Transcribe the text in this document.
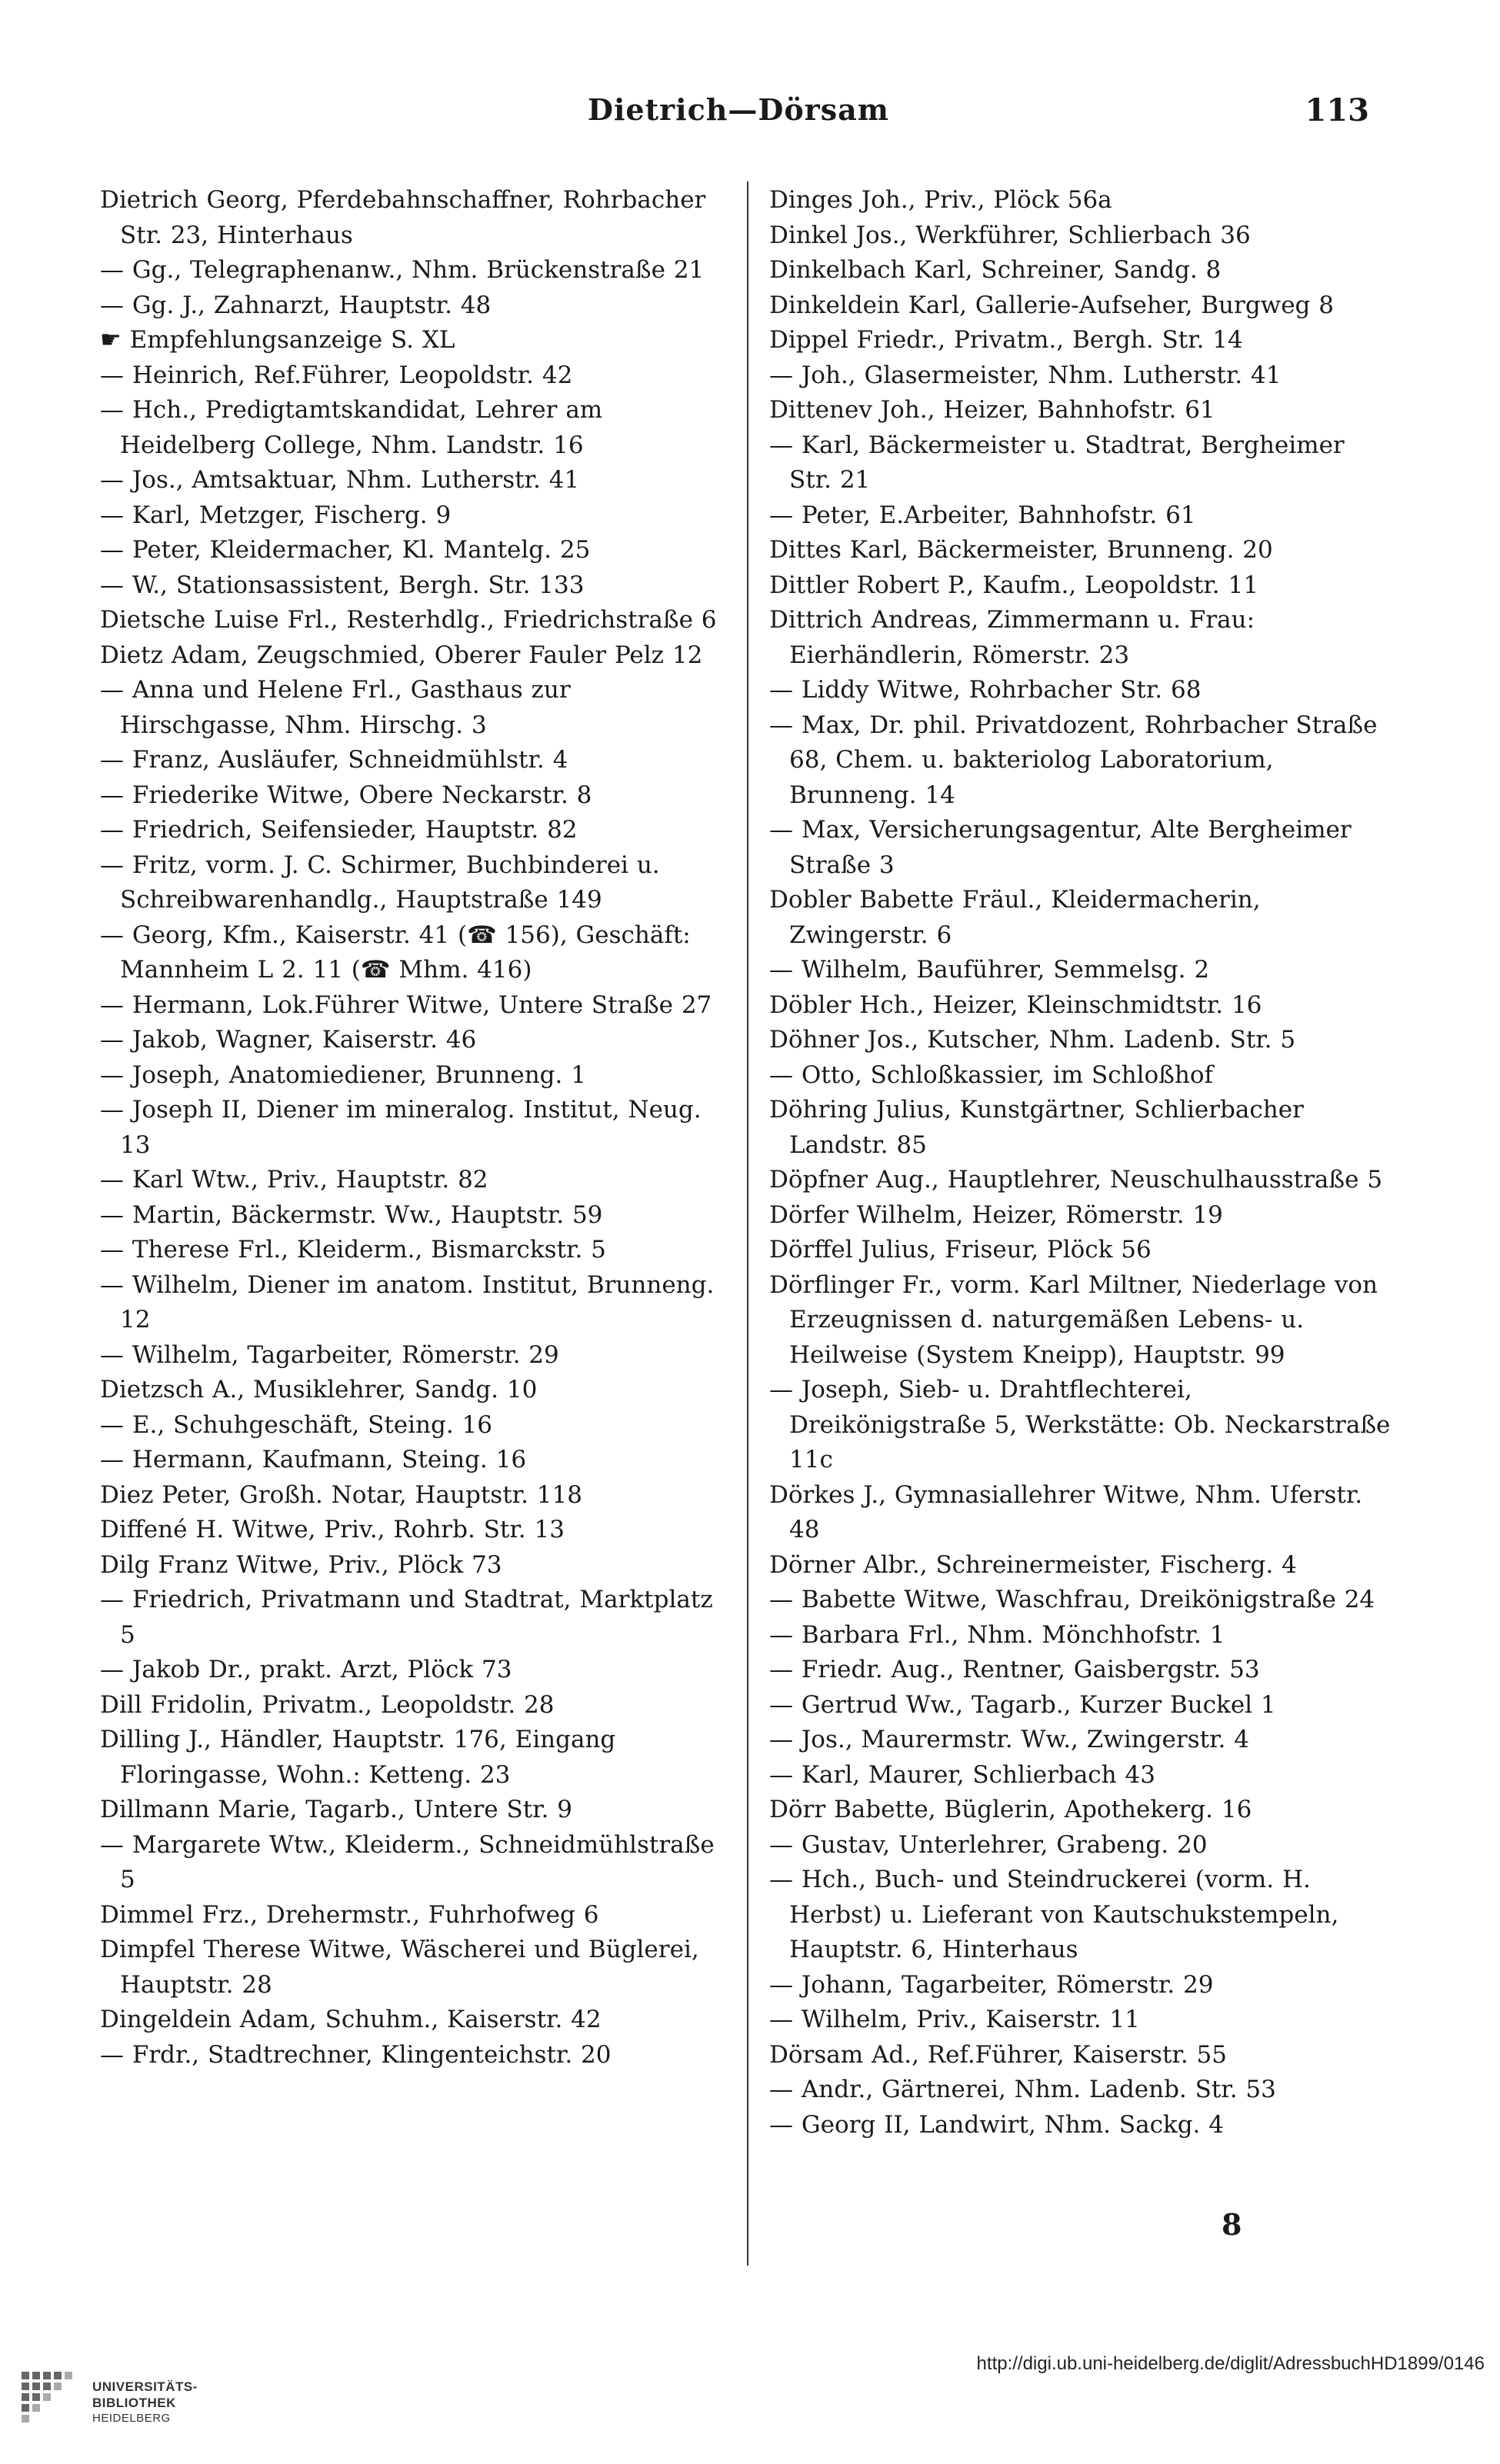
Dietrich—Dörsam	113
Dietrich Georg, Pferdebahnschaffner, Rohrbacher Str. 23, Hinterhaus
— Gg., Telegraphenanw., Nhm. Brückenstraße 21
— Gg. J., Zahnarzt, Hauptstr. 48
☛ Empfehlungsanzeige S. XL
— Heinrich, Ref.Führer, Leopoldstr. 42
— Hch., Predigtamtskandidat, Lehrer am Heidelberg College, Nhm. Landstr. 16
— Jos., Amtsaktuar, Nhm. Lutherstr. 41
— Karl, Metzger, Fischerg. 9
— Peter, Kleidermacher, Kl. Mantelg. 25
— W., Stationsassistent, Bergh. Str. 133
Dietsche Luise Frl., Resterhdlg., Friedrichstraße 6
Dietz Adam, Zeugschmied, Oberer Fauler Pelz 12
— Anna und Helene Frl., Gasthaus zur Hirschgasse, Nhm. Hirschg. 3
— Franz, Ausläufer, Schneidmühlstr. 4
— Friederike Witwe, Obere Neckarstr. 8
— Friedrich, Seifensieder, Hauptstr. 82
— Fritz, vorm. J. C. Schirmer, Buchbinderei u. Schreibwarenhandlg., Hauptstraße 149
— Georg, Kfm., Kaiserstr. 41 (☎ 156), Geschäft: Mannheim L 2. 11 (☎ Mhm. 416)
— Hermann, Lok.Führer Witwe, Untere Straße 27
— Jakob, Wagner, Kaiserstr. 46
— Joseph, Anatomiediener, Brunneng. 1
— Joseph II, Diener im mineralog. Institut, Neug. 13
— Karl Wtw., Priv., Hauptstr. 82
— Martin, Bäckermstr. Ww., Hauptstr. 59
— Therese Frl., Kleiderm., Bismarckstr. 5
— Wilhelm, Diener im anatom. Institut, Brunneng. 12
— Wilhelm, Tagarbeiter, Römerstr. 29
Dietzsch A., Musiklehrer, Sandg. 10
— E., Schuhgeschäft, Steing. 16
— Hermann, Kaufmann, Steing. 16
Diez Peter, Großh. Notar, Hauptstr. 118
Diffené H. Witwe, Priv., Rohrb. Str. 13
Dilg Franz Witwe, Priv., Plöck 73
— Friedrich, Privatmann und Stadtrat, Marktplatz 5
— Jakob Dr., prakt. Arzt, Plöck 73
Dill Fridolin, Privatm., Leopoldstr. 28
Dilling J., Händler, Hauptstr. 176, Eingang Floringasse, Wohn.: Ketteng. 23
Dillmann Marie, Tagarb., Untere Str. 9
— Margarete Wtw., Kleiderm., Schneidmühlstraße 5
Dimmel Frz., Drehermstr., Fuhrhofweg 6
Dimpfel Therese Witwe, Wäscherei und Büglerei, Hauptstr. 28
Dingeldein Adam, Schuhm., Kaiserstr. 42
— Frdr., Stadtrechner, Klingenteichstr. 20
Dinges Joh., Priv., Plöck 56a
Dinkel Jos., Werkführer, Schlierbach 36
Dinkelbach Karl, Schreiner, Sandg. 8
Dinkeldein Karl, Gallerie-Aufseher, Burgweg 8
Dippel Friedr., Privatm., Bergh. Str. 14
— Joh., Glasermeister, Nhm. Lutherstr. 41
Dittenev Joh., Heizer, Bahnhofstr. 61
— Karl, Bäckermeister u. Stadtrat, Bergheimer Str. 21
— Peter, E.Arbeiter, Bahnhofstr. 61
Dittes Karl, Bäckermeister, Brunneng. 20
Dittler Robert P., Kaufm., Leopoldstr. 11
Dittrich Andreas, Zimmermann u. Frau: Eierhändlerin, Römerstr. 23
— Liddy Witwe, Rohrbacher Str. 68
— Max, Dr. phil. Privatdozent, Rohrbacher Straße 68, Chem. u. bakteriolog Laboratorium, Brunneng. 14
— Max, Versicherungsagentur, Alte Bergheimer Straße 3
Dobler Babette Fräul., Kleidermacherin, Zwingerstr. 6
— Wilhelm, Bauführer, Semmelsg. 2
Döbler Hch., Heizer, Kleinschmidtstr. 16
Döhner Jos., Kutscher, Nhm. Ladenb. Str. 5
— Otto, Schloßkassier, im Schloßhof
Döhring Julius, Kunstgärtner, Schlierbacher Landstr. 85
Döpfner Aug., Hauptlehrer, Neuschulhausstraße 5
Dörfer Wilhelm, Heizer, Römerstr. 19
Dörffel Julius, Friseur, Plöck 56
Dörflinger Fr., vorm. Karl Miltner, Niederlage von Erzeugnissen d. naturgemäßen Lebens- u. Heilweise (System Kneipp), Hauptstr. 99
— Joseph, Sieb- u. Drahtflechterei, Dreikönigstraße 5, Werkstätte: Ob. Neckarstraße 11c
Dörkes J., Gymnasiallehrer Witwe, Nhm. Uferstr. 48
Dörner Albr., Schreinermeister, Fischerg. 4
— Babette Witwe, Waschfrau, Dreikönigstraße 24
— Barbara Frl., Nhm. Mönchhofstr. 1
— Friedr. Aug., Rentner, Gaisbergstr. 53
— Gertrud Ww., Tagarb., Kurzer Buckel 1
— Jos., Maurermstr. Ww., Zwingerstr. 4
— Karl, Maurer, Schlierbach 43
Dörr Babette, Büglerin, Apothekerg. 16
— Gustav, Unterlehrer, Grabeng. 20
— Hch., Buch- und Steindruckerei (vorm. H. Herbst) u. Lieferant von Kautschukstempeln, Hauptstr. 6, Hinterhaus
— Johann, Tagarbeiter, Römerstr. 29
— Wilhelm, Priv., Kaiserstr. 11
Dörsam Ad., Ref.Führer, Kaiserstr. 55
— Andr., Gärtnerei, Nhm. Ladenb. Str. 53
— Georg II, Landwirt, Nhm. Sackg. 4
8
UNIVERSITÄTS-
BIBLIOTHEK
HEIDELBERG
http://digi.ub.uni-heidelberg.de/diglit/AdressbuchHD1899/0146
